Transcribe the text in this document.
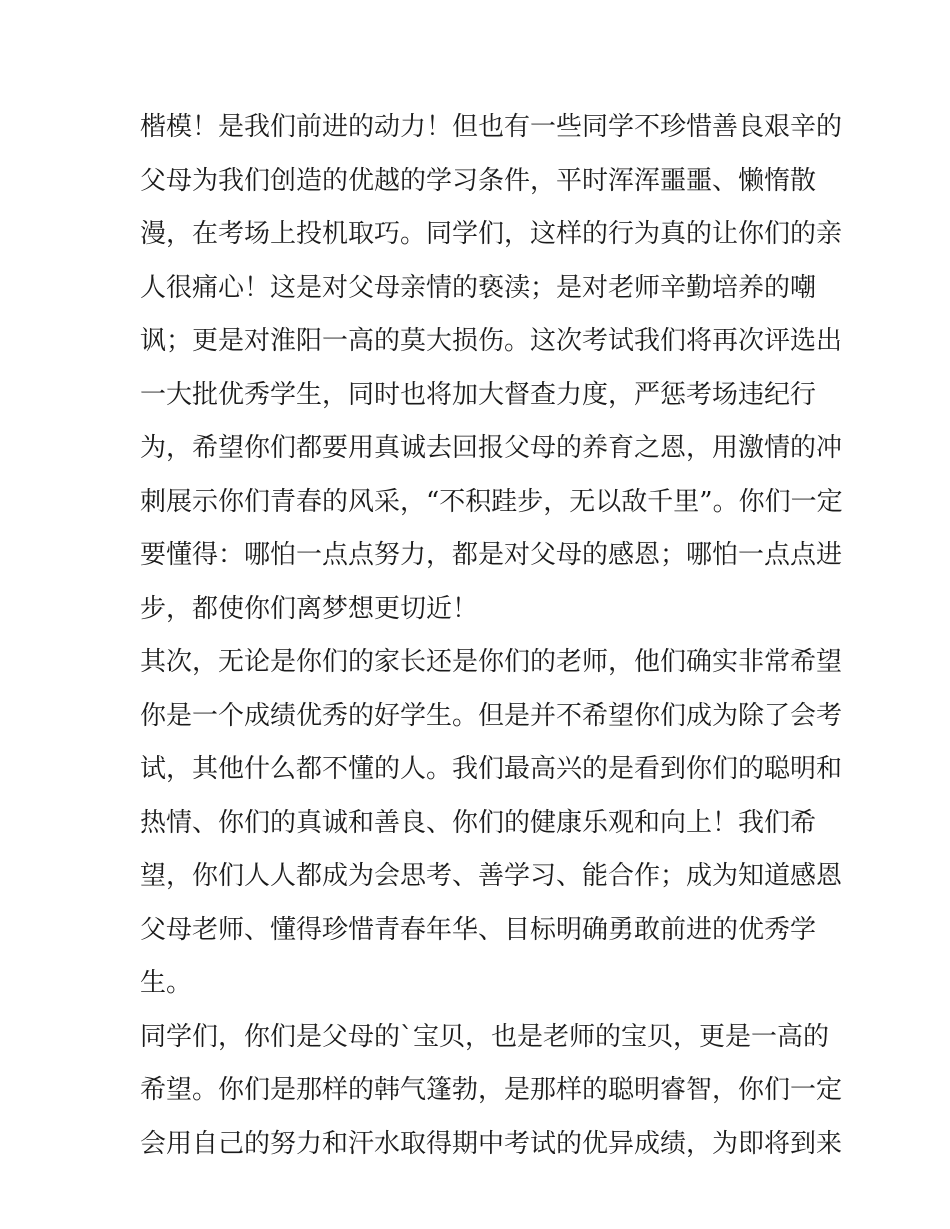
楷模！是我们前进的动力！但也有一些同学不珍惜善良艰辛的
父母为我们创造的优越的学习条件，平时浑浑噩噩、懒惰散
漫，在考场上投机取巧。同学们，这样的行为真的让你们的亲
人很痛心！这是对父母亲情的亵渎；是对老师辛勤培养的嘲
讽；更是对淮阳一高的莫大损伤。这次考试我们将再次评选出
一大批优秀学生，同时也将加大督查力度，严惩考场违纪行
为，希望你们都要用真诚去回报父母的养育之恩，用激情的冲
刺展示你们青春的风采，“不积跬步，无以敌千里”。你们一定
要懂得：哪怕一点点努力，都是对父母的感恩；哪怕一点点进
步，都使你们离梦想更切近！
其次，无论是你们的家长还是你们的老师，他们确实非常希望
你是一个成绩优秀的好学生。但是并不希望你们成为除了会考
试，其他什么都不懂的人。我们最高兴的是看到你们的聪明和
热情、你们的真诚和善良、你们的健康乐观和向上！我们希
望，你们人人都成为会思考、善学习、能合作；成为知道感恩
父母老师、懂得珍惜青春年华、目标明确勇敢前进的优秀学
生。
同学们，你们是父母的`宝贝，也是老师的宝贝，更是一高的
希望。你们是那样的韩气篷勃，是那样的聪明睿智，你们一定
会用自己的努力和汗水取得期中考试的优异成绩，为即将到来
